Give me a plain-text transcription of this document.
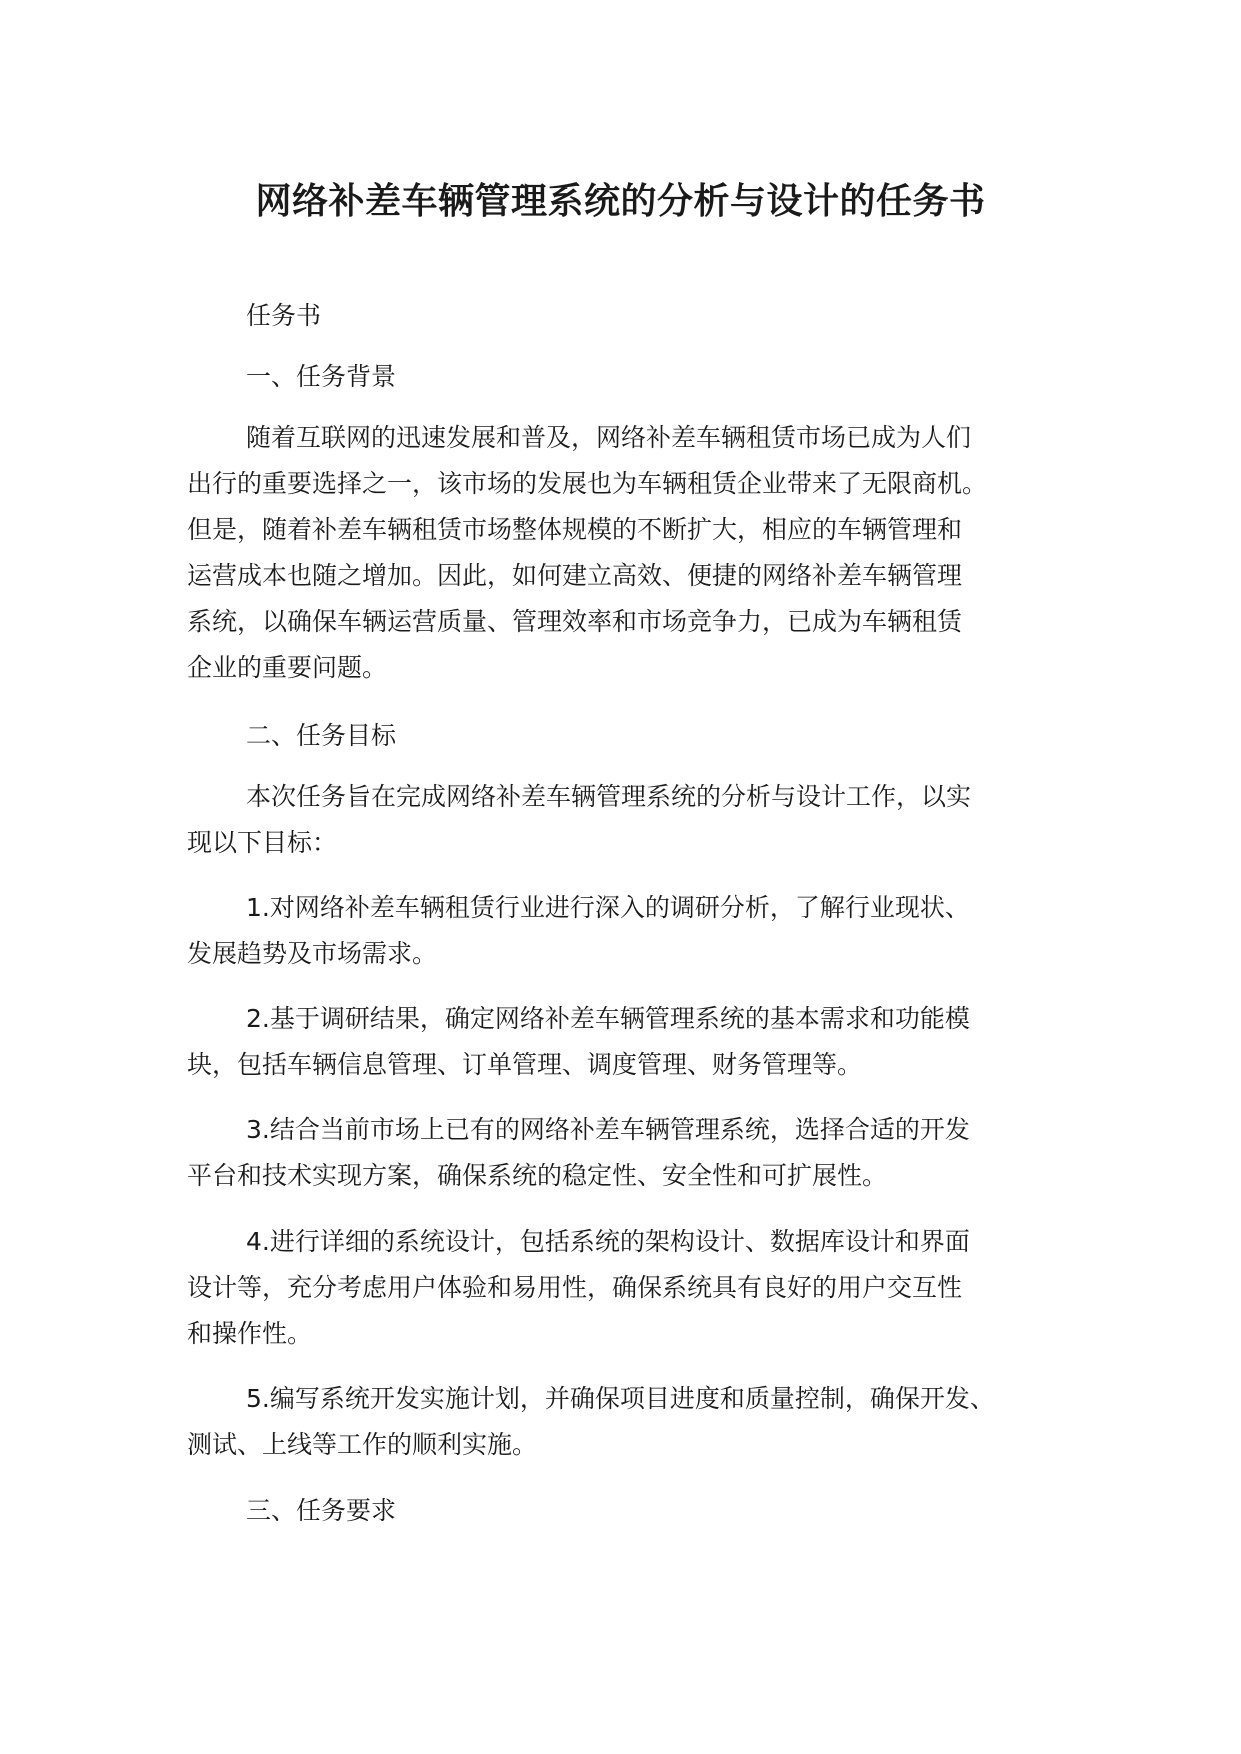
网络补差车辆管理系统的分析与设计的任务书
任务书
一、任务背景
随着互联网的迅速发展和普及，网络补差车辆租赁市场已成为人们
出行的重要选择之一，该市场的发展也为车辆租赁企业带来了无限商机。
但是，随着补差车辆租赁市场整体规模的不断扩大，相应的车辆管理和
运营成本也随之增加。因此，如何建立高效、便捷的网络补差车辆管理
系统，以确保车辆运营质量、管理效率和市场竞争力，已成为车辆租赁
企业的重要问题。
二、任务目标
本次任务旨在完成网络补差车辆管理系统的分析与设计工作，以实
现以下目标：
1.对网络补差车辆租赁行业进行深入的调研分析，了解行业现状、
发展趋势及市场需求。
2.基于调研结果，确定网络补差车辆管理系统的基本需求和功能模
块，包括车辆信息管理、订单管理、调度管理、财务管理等。
3.结合当前市场上已有的网络补差车辆管理系统，选择合适的开发
平台和技术实现方案，确保系统的稳定性、安全性和可扩展性。
4.进行详细的系统设计，包括系统的架构设计、数据库设计和界面
设计等，充分考虑用户体验和易用性，确保系统具有良好的用户交互性
和操作性。
5.编写系统开发实施计划，并确保项目进度和质量控制，确保开发、
测试、上线等工作的顺利实施。
三、任务要求
